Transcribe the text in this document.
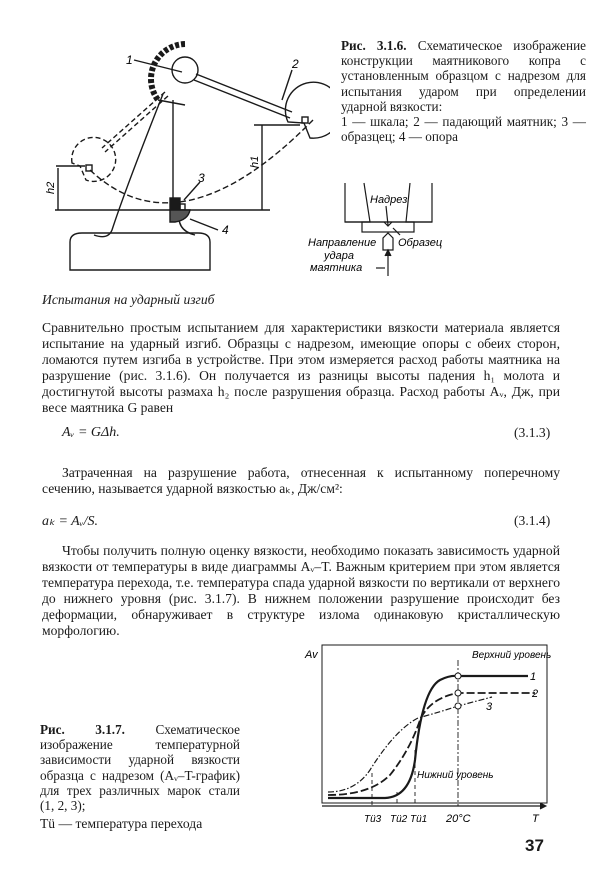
1	2
3
4
h1
h2
Рис. 3.1.6. Схематическое изображение конструкции маятникового копра с установленным образцом с надрезом для испытания ударом при определении ударной вязкости:
1 — шкала; 2 — падающий маятник; 3 — образцец; 4 — опора
Надрез
Образец
Направление
удара
маятника
Испытания на ударный изгиб
Сравнительно простым испытанием для характеристики вязкости материала является испытание на ударный изгиб. Образцы с надрезом, имеющие опоры с обеих сторон, ломаются путем изгиба в устройстве. При этом измеряется расход работы маятника на разрушение (рис. 3.1.6). Он получается из разницы высоты падения h₁ молота и достигнутой высоты размаха h₂ после разрушения образца. Расход работы Aᵥ, Дж, при весе маятника G равен
Aᵥ = GΔh.	(3.1.3)
Затраченная на разрушение работа, отнесенная к испытанному поперечному сечению, называется ударной вязкостью aₖ, Дж/см²:
aₖ = Aᵥ/S.	(3.1.4)
Чтобы получить полную оценку вязкости, необходимо показать зависимость ударной вязкости от температуры в виде диаграммы Aᵥ–T. Важным критерием при этом является температура перехода, т.е. температура спада ударной вязкости по вертикали от верхнего до нижнего уровня (рис. 3.1.7). В нижнем положении разрушение происходит без деформации, обнаруживает в структуре излома одинаковую кристаллическую морфологию.
Рис. 3.1.7. Схематическое изображение температурной зависимости ударной вязкости образца с надрезом (Aᵥ–T-график) для трех различных марок стали (1, 2, 3);
Tü — температура перехода
Av
T
Верхний уровень
Нижний уровень
1
2
3
Tü3 Tü2 Tü1 20°C
37
